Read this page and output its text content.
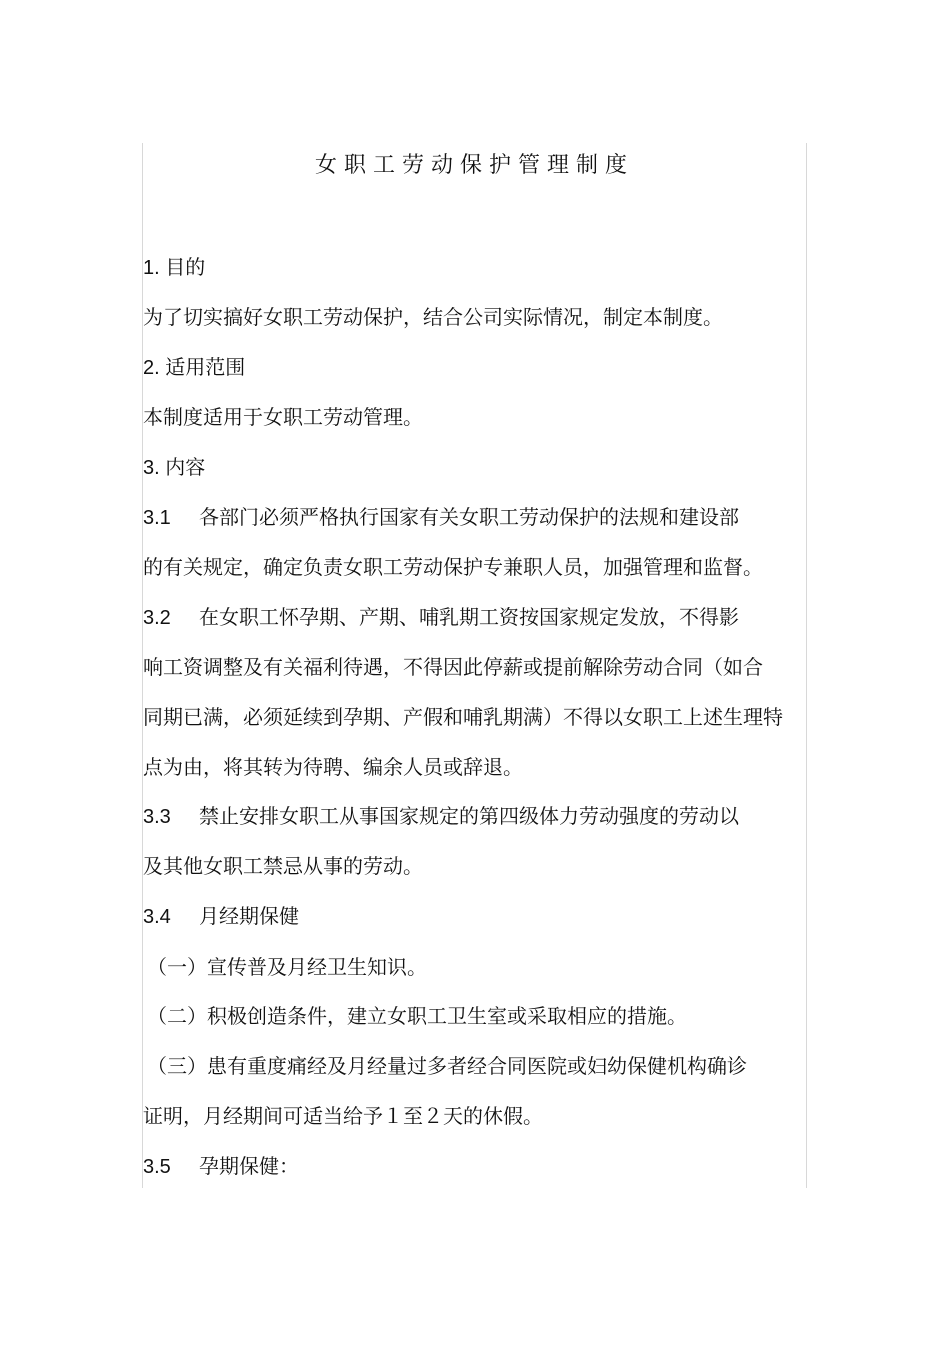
女职工劳动保护管理制度
1. 目的
为了切实搞好女职工劳动保护，结合公司实际情况，制定本制度。
2. 适用范围
本制度适用于女职工劳动管理。
3. 内容
3.1 各部门必须严格执行国家有关女职工劳动保护的法规和建设部
的有关规定，确定负责女职工劳动保护专兼职人员，加强管理和监督。
3.2 在女职工怀孕期、产期、哺乳期工资按国家规定发放，不得影
响工资调整及有关福利待遇，不得因此停薪或提前解除劳动合同（如合
同期已满，必须延续到孕期、产假和哺乳期满）不得以女职工上述生理特
点为由，将其转为待聘、编余人员或辞退。
3.3 禁止安排女职工从事国家规定的第四级体力劳动强度的劳动以
及其他女职工禁忌从事的劳动。
3.4 月经期保健
（一）宣传普及月经卫生知识。
（二）积极创造条件，建立女职工卫生室或采取相应的措施。
（三）患有重度痛经及月经量过多者经合同医院或妇幼保健机构确诊
证明，月经期间可适当给予１至２天的休假。
3.5 孕期保健：
